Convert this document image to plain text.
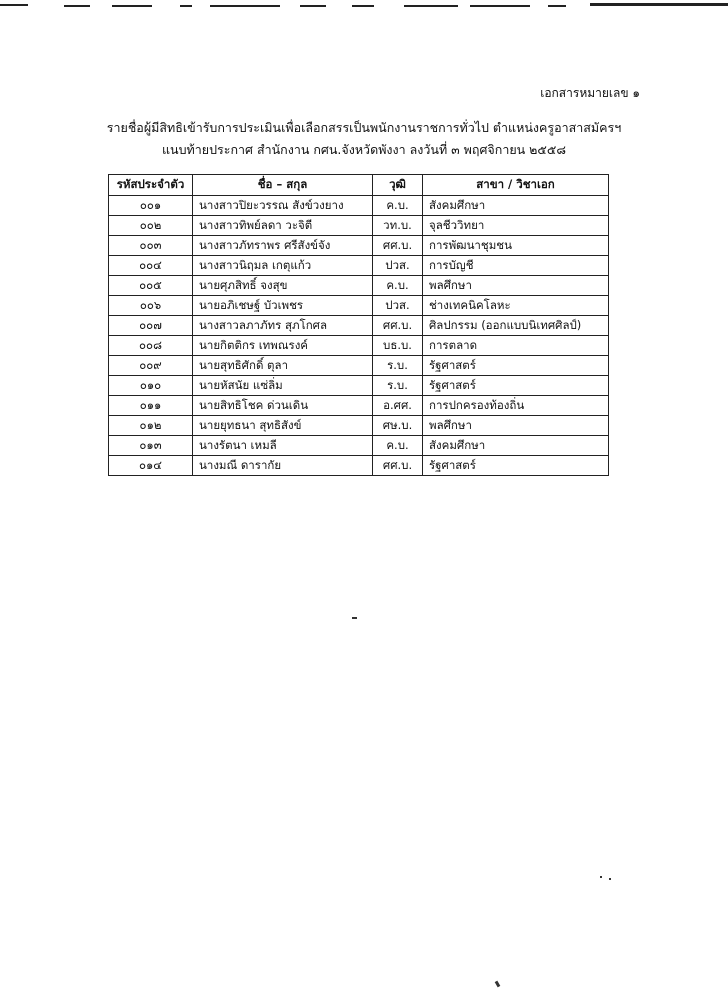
เอกสารหมายเลข ๑
รายชื่อผู้มีสิทธิเข้ารับการประเมินเพื่อเลือกสรรเป็นพนักงานราชการทั่วไป ตำแหน่งครูอาสาสมัครฯ
แนบท้ายประกาศ สำนักงาน กศน.จังหวัดพังงา ลงวันที่ ๓ พฤศจิกายน ๒๕๕๘
รหัสประจำตัว	ชื่อ – สกุล	วุฒิ	สาขา / วิชาเอก
๐๐๑	นางสาวปิยะวรรณ สังข์วงยาง	ค.บ.	สังคมศึกษา
๐๐๒	นางสาวทิพย์ลดา วะจิตี	วท.บ.	จุลชีววิทยา
๐๐๓	นางสาวภัทราพร ศรีสังข์จัง	ศศ.บ.	การพัฒนาชุมชน
๐๐๔	นางสาวนิฤมล เกตุแก้ว	ปวส.	การบัญชี
๐๐๕	นายศุภสิทธิ์ จงสุข	ค.บ.	พลศึกษา
๐๐๖	นายอภิเชษฐ์ บัวเพชร	ปวส.	ช่างเทคนิคโลหะ
๐๐๗	นางสาวลภาภัทร สุภโกศล	ศศ.บ.	ศิลปกรรม (ออกแบบนิเทศศิลป์)
๐๐๘	นายกิตติกร เทพณรงค์	บธ.บ.	การตลาด
๐๐๙	นายสุทธิศักดิ์ ตุลา	ร.บ.	รัฐศาสตร์
๐๑๐	นายหัสนัย แซ่ลิ่ม	ร.บ.	รัฐศาสตร์
๐๑๑	นายสิทธิโชค ด่วนเดิน	อ.ศศ.	การปกครองท้องถิ่น
๐๑๒	นายยุทธนา สุทธิสังข์	ศษ.บ.	พลศึกษา
๐๑๓	นางรัตนา เหมลี	ค.บ.	สังคมศึกษา
๐๑๔	นางมณี ดารากัย	ศศ.บ.	รัฐศาสตร์
